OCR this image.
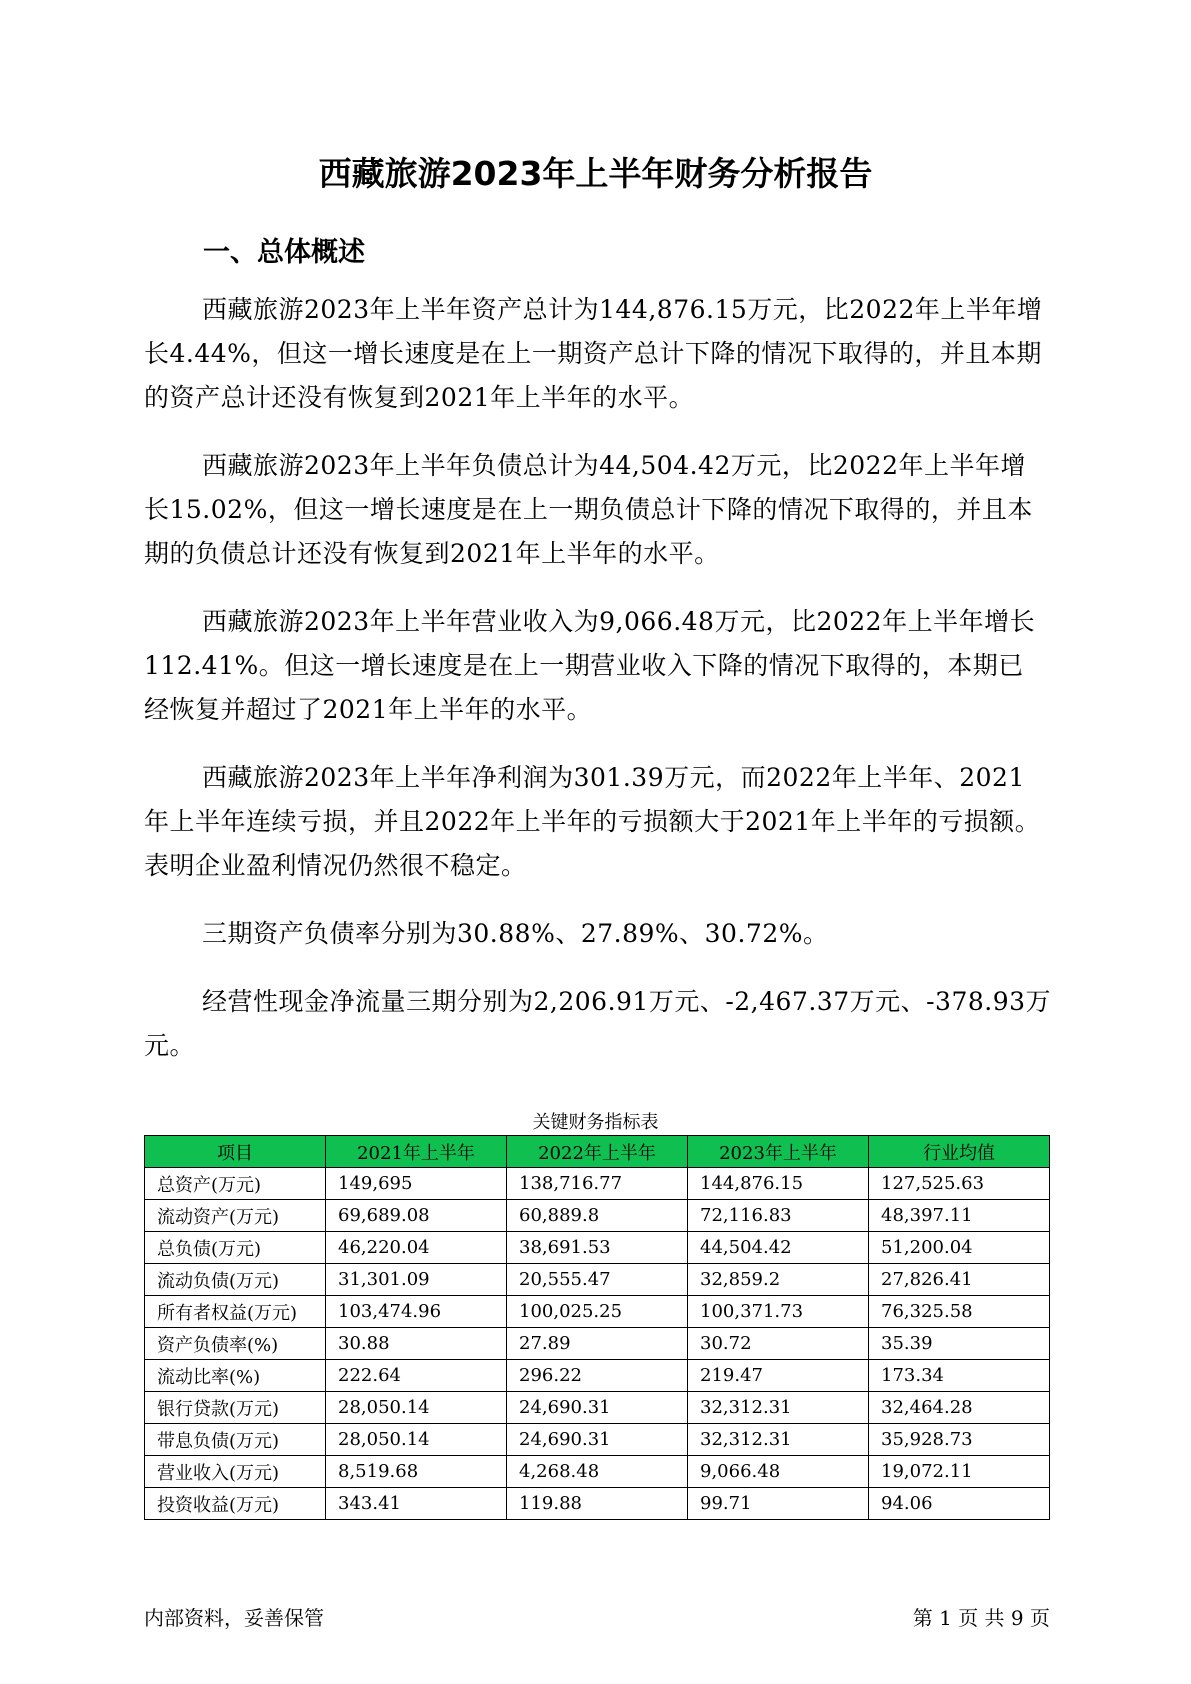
西藏旅游2023年上半年财务分析报告
一、总体概述
西藏旅游2023年上半年资产总计为144,876.15万元，比2022年上半年增长4.44%，但这一增长速度是在上一期资产总计下降的情况下取得的，并且本期的资产总计还没有恢复到2021年上半年的水平。
西藏旅游2023年上半年负债总计为44,504.42万元，比2022年上半年增长15.02%，但这一增长速度是在上一期负债总计下降的情况下取得的，并且本期的负债总计还没有恢复到2021年上半年的水平。
西藏旅游2023年上半年营业收入为9,066.48万元，比2022年上半年增长112.41%。但这一增长速度是在上一期营业收入下降的情况下取得的，本期已经恢复并超过了2021年上半年的水平。
西藏旅游2023年上半年净利润为301.39万元，而2022年上半年、2021年上半年连续亏损，并且2022年上半年的亏损额大于2021年上半年的亏损额。表明企业盈利情况仍然很不稳定。
三期资产负债率分别为30.88%、27.89%、30.72%。
经营性现金净流量三期分别为2,206.91万元、-2,467.37万元、-378.93万元。
关键财务指标表
项目	2021年上半年	2022年上半年	2023年上半年	行业均值
总资产(万元)	149,695	138,716.77	144,876.15	127,525.63
流动资产(万元)	69,689.08	60,889.8	72,116.83	48,397.11
总负债(万元)	46,220.04	38,691.53	44,504.42	51,200.04
流动负债(万元)	31,301.09	20,555.47	32,859.2	27,826.41
所有者权益(万元)	103,474.96	100,025.25	100,371.73	76,325.58
资产负债率(%)	30.88	27.89	30.72	35.39
流动比率(%)	222.64	296.22	219.47	173.34
银行贷款(万元)	28,050.14	24,690.31	32,312.31	32,464.28
带息负债(万元)	28,050.14	24,690.31	32,312.31	35,928.73
营业收入(万元)	8,519.68	4,268.48	9,066.48	19,072.11
投资收益(万元)	343.41	119.88	99.71	94.06
内部资料，妥善保管	第 1 页 共 9 页
